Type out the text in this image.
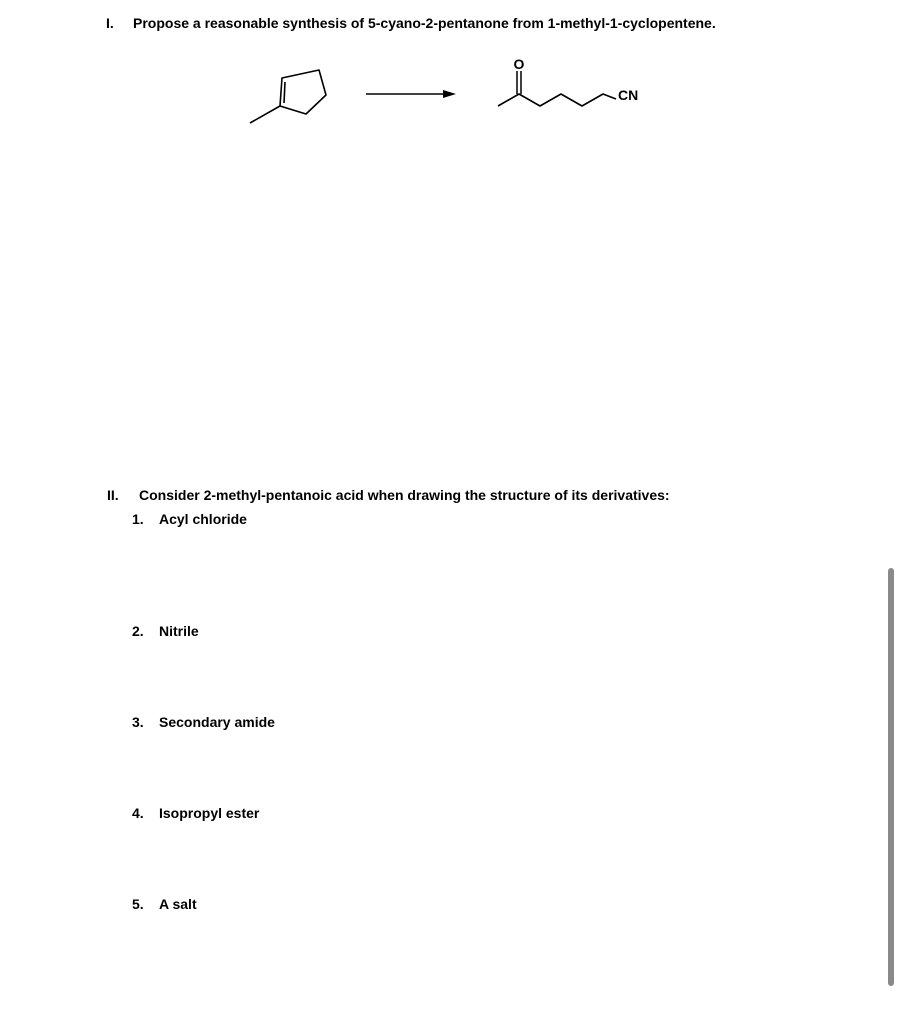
I.	Propose a reasonable synthesis of 5-cyano-2-pentanone from 1-methyl-1-cyclopentene.
O
CN
II.	Consider 2-methyl-pentanoic acid when drawing the structure of its derivatives:
1. Acyl chloride
2. Nitrile
3. Secondary amide
4. Isopropyl ester
5. A salt
